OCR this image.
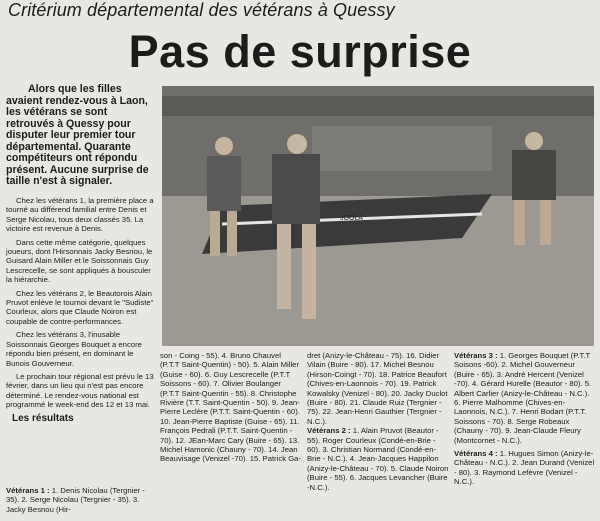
Critérium départemental des vétérans à Quessy
Pas de surprise

Alors que les filles avaient rendez-vous à Laon, les vétérans se sont retrouvés à Quessy pour disputer leur premier tour départemental. Quarante compétiteurs ont répondu présent. Aucune surprise de taille n'est à signaler.

Chez les vétérans 1, la première place a tourné au différend familial entre Denis et Serge Nicolau, tous deux classés 35. La victoire est revenue à Denis.

Dans cette même catégorie, quelques joueurs, dont l'Hirsonnais Jacky Besnou, le Guisard Alain Miller et le Soissonnais Guy Lescrecelle, se sont appliqués à bousculer la hiérarchie.

Chez les vétérans 2, le Beautorois Alain Pruvot enlève le tournoi devant le "Sudiste" Courleux, alors que Claude Noiron est coupable de contre-performances.

Chez les vétérans 3, l'inusable Soissonnais Georges Bouquet a encore répondu bien présent, en dominant le Bunois Gouverneur.

Le prochain tour régional est prévu le 13 février, dans un lieu qui n'est pas encore déterminé. Le rendez-vous national est programmé le week-end des 12 et 13 mai.

Les résultats
JOOLA

Vétérans 1 : 1. Denis Nicolau (Tergnier - 35). 2. Serge Nicolau (Tergnier - 35). 3. Jacky Besnou (Hir-

son - Coing - 55). 4. Bruno Chauvel (P.T.T Saint-Quentin) - 50). 5. Alain Miller (Guise - 60). 6. Guy Lescrecelle (P.T.T Soissons - 60). 7. Olivier Boulanger (P.T.T Saint-Quentin - 55). 8. Christophe Rivière (T.T. Saint-Quentin - 50). 9. Jean-Pierre Leclère (P.T.T. Saint-Quentin - 60). 10. Jean-Pierre Baptiste (Guise - 65). 11. François Pedrali (P.T.T. Saint-Quentin - 70). 12. JEan-Marc Cary (Buire - 65). 13. Michel Hamonic (Chauny - 70). 14. Jean Beauvisage (Venizel -70). 15. Patrick Ga-

dret (Anizy-le-Château - 75). 16. Didier Vilain (Buire - 80). 17. Michel Besnou (Hirson-Coingt - 70). 18. Patrice Beaufort (Chives-en-Laonnois - 70). 19. Patrick Kowalsky (Venizel - 80). 20. Jacky Duclot (Buire - 80). 21. Claude Ruiz (Tergnier - 75). 22. Jean-Henri Gauthier (Tergnier - N.C.).

Vétérans 2 : 1. Alain Pruvot (Beautor - 55). Roger Courleux (Condé-en-Brie - 60). 3. Christian Normand (Condé-en-Brie - N.C.). 4. Jean-Jacques Happilon (Anizy-le-Château - 70). 5. Claude Noiron (Buire - 55). 6. Jacques Levancher (Buire -N.C.).

Vétérans 3 : 1. Georges Bouquet (P.T.T Soisons -60). 2. Michel Gouverneur (Buire - 65). 3. André Hercent (Venizel -70). 4. Gérard Hurelle (Beautor - 80). 5. Albert Carlier (Anizy-le-Château - N.C.). 6. Pierre Malhomme (Chives-en-Laonnois, N.C.). 7. Henri Bodart (P.T.T. Soissons - 70). 8. Serge Robeaux (Chauny - 70). 9. Jean-Claude Fleury (Montcornet - N.C.).

Vétérans 4 : 1. Hugues Simon (Anizy-le-Château - N.C.). 2. Jean Durand (Venizel - 80). 3. Raymond Lefèvre (Venizel - N.C.).
